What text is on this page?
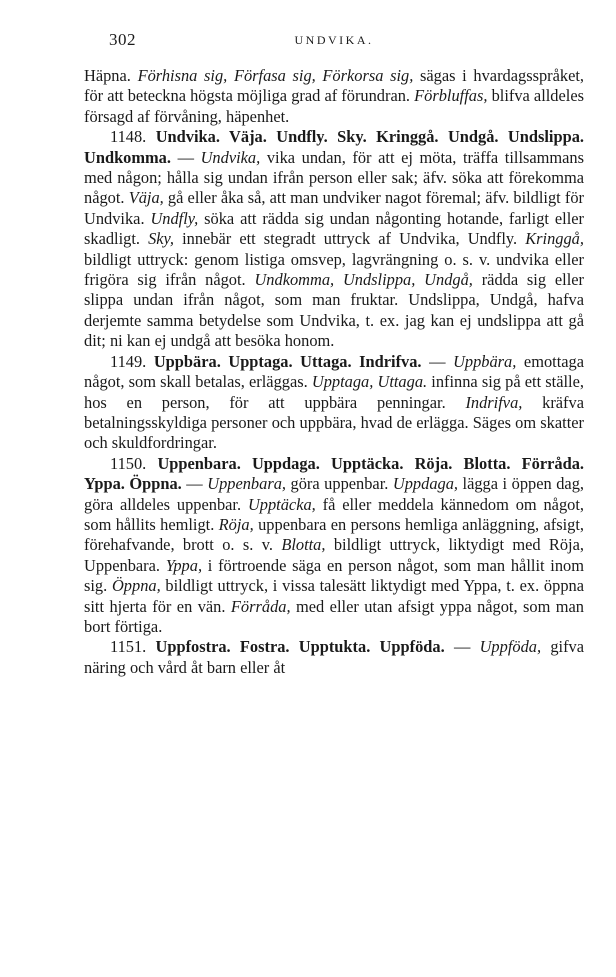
302	UNDVIKA.

Häpna. Förhisna sig, Förfasa sig, Förkorsa sig, sägas i hvardagsspråket, för att beteckna högsta möjliga grad af förundran. Förbluffas, blifva alldeles försagd af förvåning, häpenhet.

1148. Undvika. Väja. Undfly. Sky. Kringgå. Undgå. Undslippa. Undkomma. — Undvika, vika undan, för att ej möta, träffa tillsammans med någon; hålla sig undan ifrån person eller sak; äfv. söka att förekomma något. Väja, gå eller åka så, att man undviker nagot föremal; äfv. bildligt för Undvika. Undfly, söka att rädda sig undan någonting hotande, farligt eller skadligt. Sky, innebär ett stegradt uttryck af Undvika, Undfly. Kringgå, bildligt uttryck: genom listiga omsvep, lagvrängning o. s. v. undvika eller frigöra sig ifrån något. Undkomma, Undslippa, Undgå, rädda sig eller slippa undan ifrån något, som man fruktar. Undslippa, Undgå, hafva derjemte samma betydelse som Undvika, t. ex. jag kan ej undslippa att gå dit; ni kan ej undgå att besöka honom.

1149. Uppbära. Upptaga. Uttaga. Indrifva. — Uppbära, emottaga något, som skall betalas, erläggas. Upptaga, Uttaga. infinna sig på ett ställe, hos en person, för att uppbära penningar. Indrifva, kräfva betalningsskyldiga personer och uppbära, hvad de erlägga. Säges om skatter och skuldfordringar.

1150. Uppenbara. Uppdaga. Upptäcka. Röja. Blotta. Förråda. Yppa. Öppna. — Uppenbara, göra uppenbar. Uppdaga, lägga i öppen dag, göra alldeles uppenbar. Upptäcka, få eller meddela kännedom om något, som hållits hemligt. Röja, uppenbara en persons hemliga anläggning, afsigt, förehafvande, brott o. s. v. Blotta, bildligt uttryck, liktydigt med Röja, Uppenbara. Yppa, i förtroende säga en person något, som man hållit inom sig. Öppna, bildligt uttryck, i vissa talesätt liktydigt med Yppa, t. ex. öppna sitt hjerta för en vän. Förråda, med eller utan afsigt yppa något, som man bort förtiga.

1151. Uppfostra. Fostra. Upptukta. Uppföda. — Uppföda, gifva näring och vård åt barn eller åt
